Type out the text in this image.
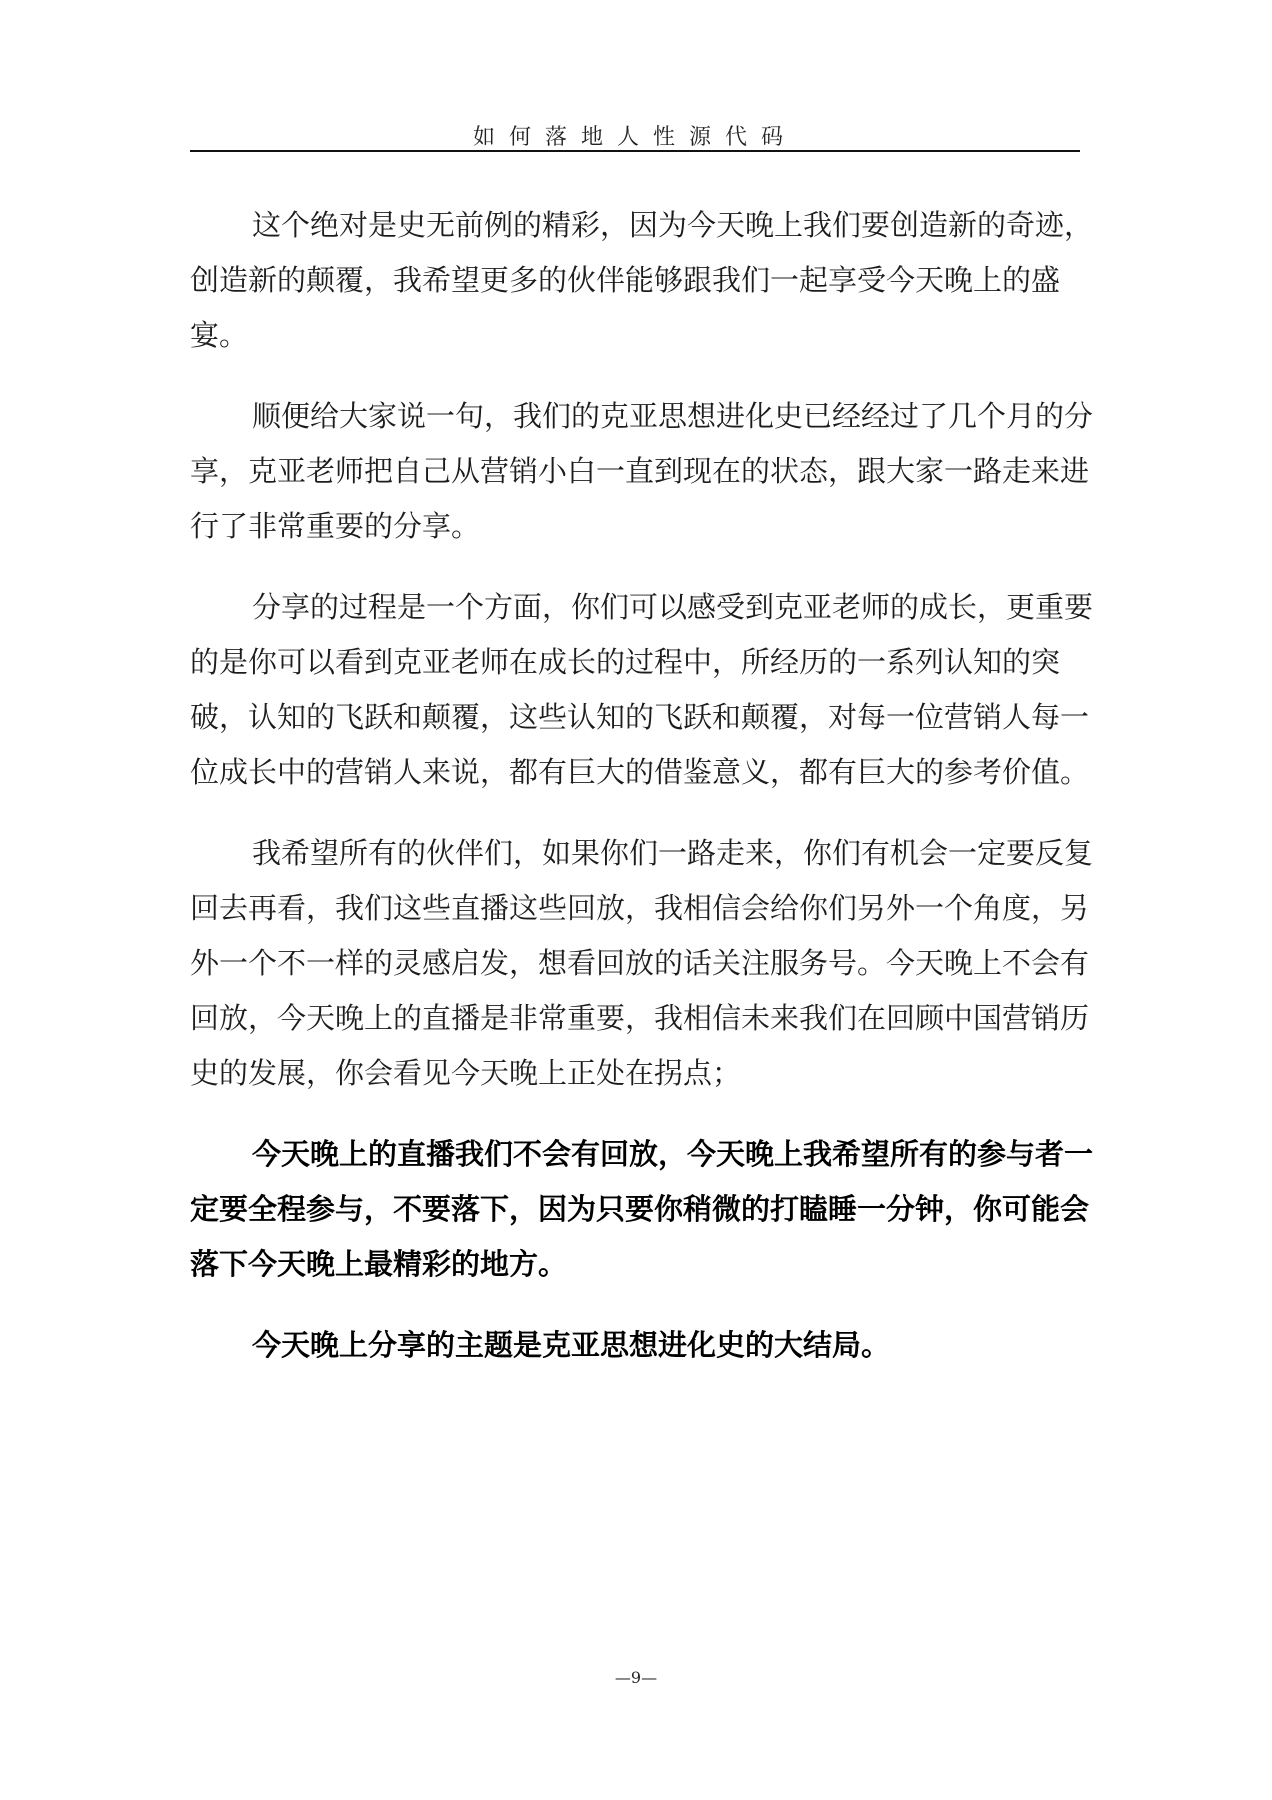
如何落地人性源代码

这个绝对是史无前例的精彩，因为今天晚上我们要创造新的奇迹，创造新的颠覆，我希望更多的伙伴能够跟我们一起享受今天晚上的盛宴。

顺便给大家说一句，我们的克亚思想进化史已经经过了几个月的分享，克亚老师把自己从营销小白一直到现在的状态，跟大家一路走来进行了非常重要的分享。

分享的过程是一个方面，你们可以感受到克亚老师的成长，更重要的是你可以看到克亚老师在成长的过程中，所经历的一系列认知的突破，认知的飞跃和颠覆，这些认知的飞跃和颠覆，对每一位营销人每一位成长中的营销人来说，都有巨大的借鉴意义，都有巨大的参考价值。

我希望所有的伙伴们，如果你们一路走来，你们有机会一定要反复回去再看，我们这些直播这些回放，我相信会给你们另外一个角度，另外一个不一样的灵感启发，想看回放的话关注服务号。今天晚上不会有回放，今天晚上的直播是非常重要，我相信未来我们在回顾中国营销历史的发展，你会看见今天晚上正处在拐点；

今天晚上的直播我们不会有回放，今天晚上我希望所有的参与者一定要全程参与，不要落下，因为只要你稍微的打瞌睡一分钟，你可能会落下今天晚上最精彩的地方。

今天晚上分享的主题是克亚思想进化史的大结局。

—9—
